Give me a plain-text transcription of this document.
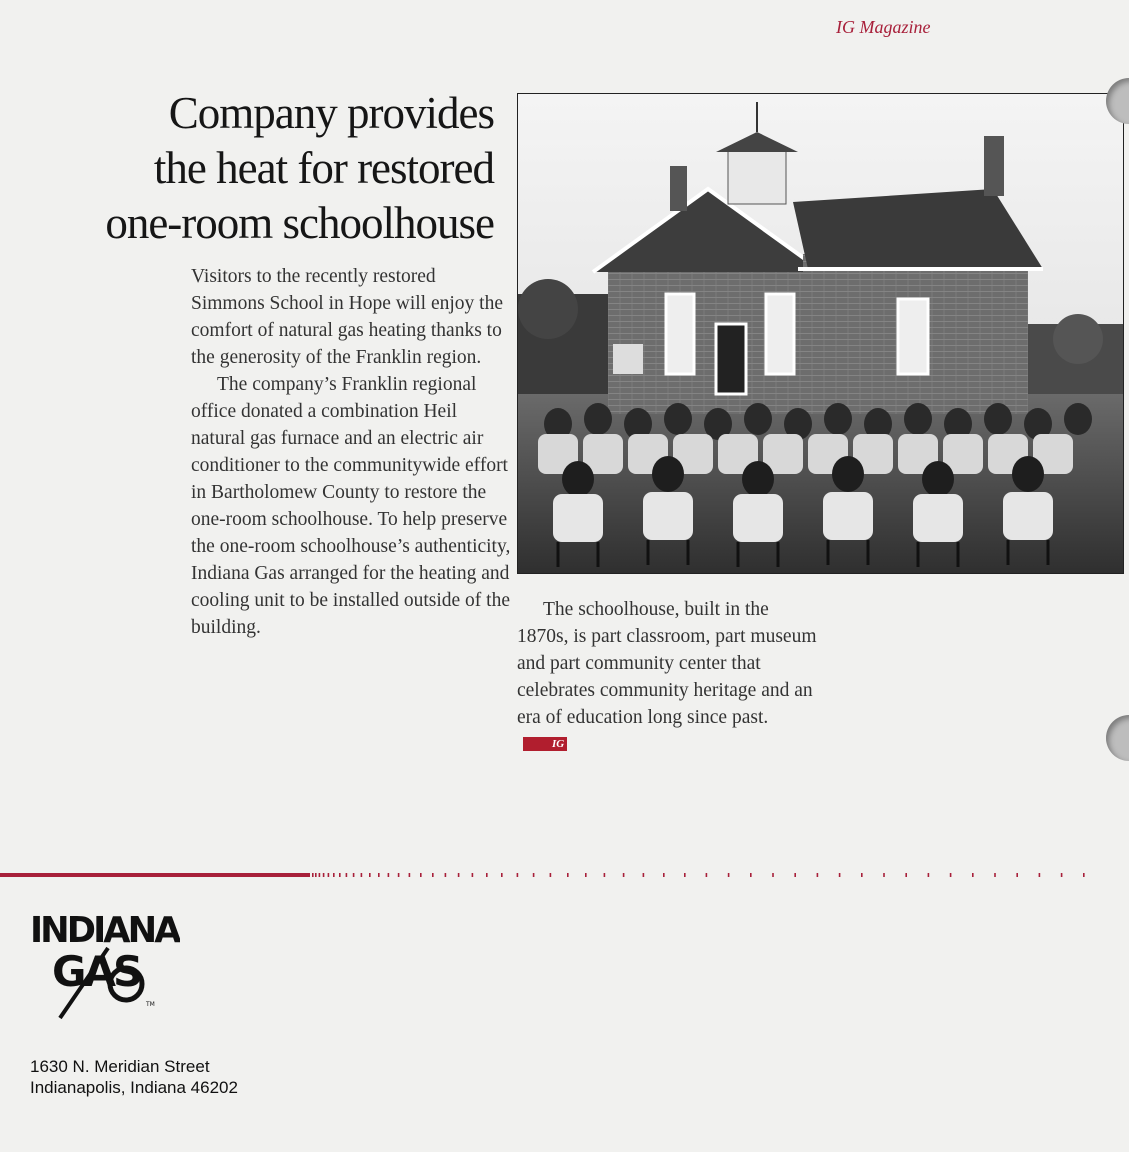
IG Magazine
Company provides
the heat for restored
one-room schoolhouse

Visitors to the recently restored Simmons School in Hope will enjoy the comfort of natural gas heating thanks to the generosity of the Franklin region.

The company’s Franklin regional office donated a combination Heil natural gas furnace and an electric air conditioner to the communitywide effort in Bartholomew County to restore the one-room schoolhouse. To help preserve the one-room schoolhouse’s authenticity, Indiana Gas arranged for the heating and cooling unit to be installed outside of the building.

The schoolhouse, built in the 1870s, is part classroom, part museum and part community center that celebrates community heritage and an era of education long since past.IG

INDIANA
GAS
TM

1630 N. Meridian Street

Indianapolis, Indiana 46202
